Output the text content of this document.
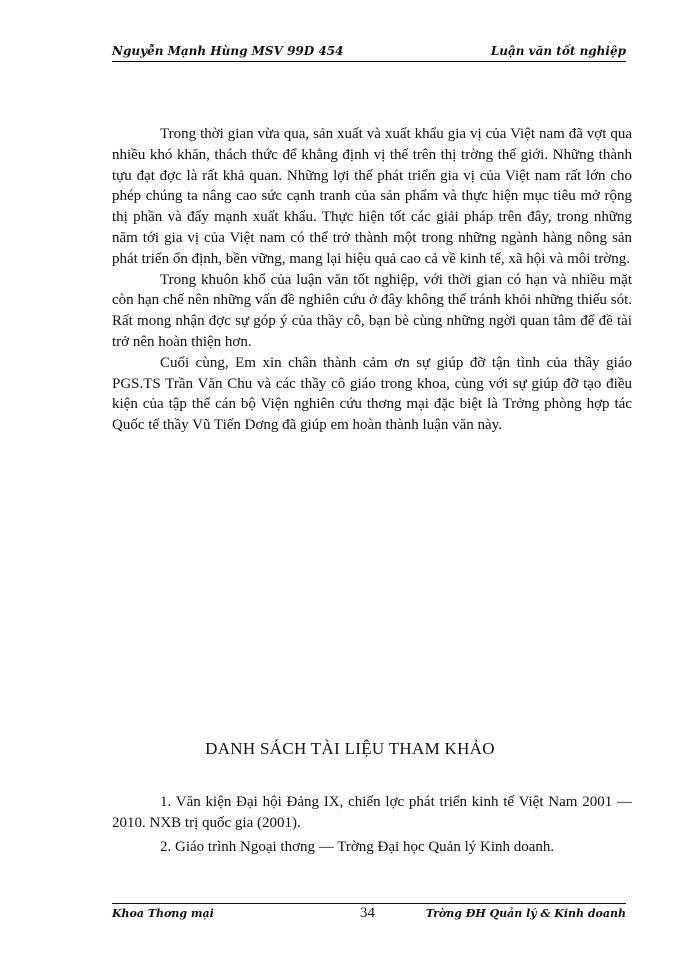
Nguyễn Mạnh Hùng MSV 99D 454	Luận văn tốt nghiệp

Trong thời gian vừa qua, sản xuất và xuất khẩu gia vị của Việt nam đã vợt qua nhiều khó khăn, thách thức để khẳng định vị thế trên thị trờng thế giới. Những thành tựu đạt đợc là rất khả quan. Những lợi thế phát triển gia vị của Việt nam rất lớn cho phép chúng ta nâng cao sức cạnh tranh của sản phẩm và thực hiện mục tiêu mở rộng thị phần và đẩy mạnh xuất khẩu. Thực hiện tốt các giải pháp trên đây, trong những năm tới gia vị của Việt nam có thể trở thành một trong những ngành hàng nông sản phát triển ổn định, bền vững, mang lại hiệu quả cao cả về kinh tế, xã hội và môi trờng.

Trong khuôn khổ của luận văn tốt nghiệp, với thời gian có hạn và nhiều mặt còn hạn chế nên những vấn đề nghiên cứu ở đây không thể tránh khỏi những thiếu sót. Rất mong nhận đợc sự góp ý của thầy cô, bạn bè cùng những ngời quan tâm để đề tài trở nên hoàn thiện hơn.

Cuối cùng, Em xin chân thành cảm ơn sự giúp đỡ tận tình của thầy giáo PGS.TS Trần Văn Chu và các thầy cô giáo trong khoa, cùng với sự giúp đỡ tạo điều kiện của tập thể cán bộ Viện nghiên cứu thơng mại đặc biệt là Trởng phòng hợp tác Quốc tế thầy Vũ Tiến Dơng đã giúp em hoàn thành luận văn này.

DANH SÁCH TÀI LIỆU THAM KHẢO

1. Văn kiện Đại hội Đảng IX, chiến lợc phát triển kinh tế Việt Nam 2001 — 2010. NXB trị quốc gia (2001).

2. Giáo trình Ngoại thơng — Trờng Đại học Quản lý Kinh doanh.

Khoa Thơng mại	34	Trờng ĐH Quản lý & Kinh doanh
